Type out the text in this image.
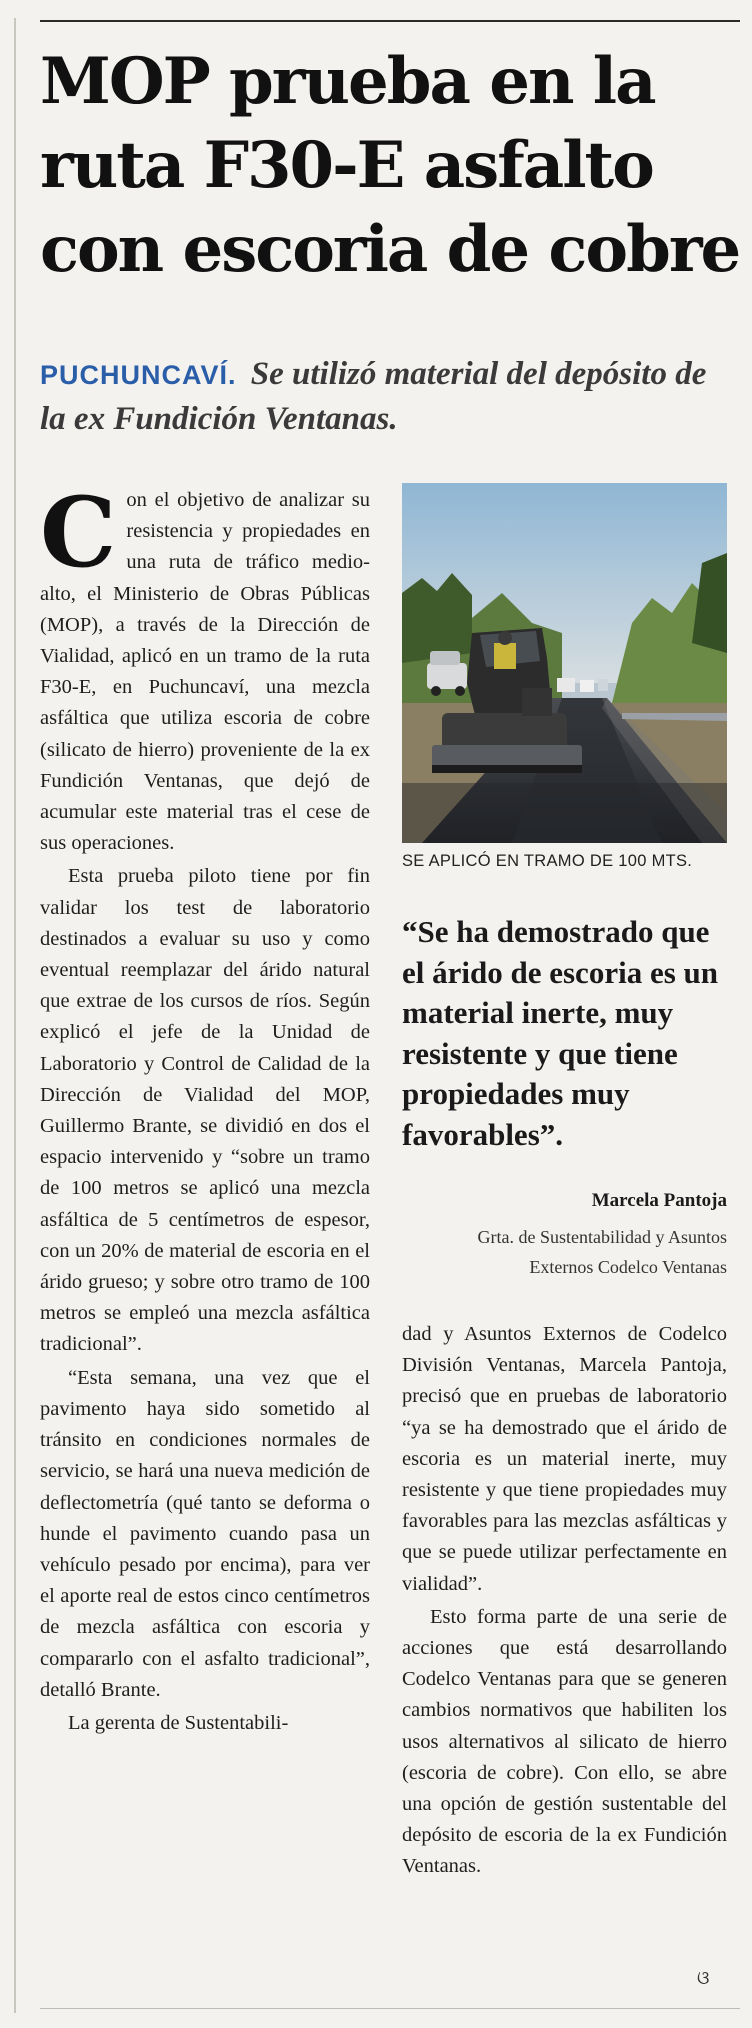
MOP prueba en la
ruta F30-E asfalto
con escoria de cobre

PUCHUNCAVÍ. Se utilizó material del depósito de la ex Fundición Ventanas.

Con el objetivo de analizar su resistencia y propiedades en una ruta de tráfico medio-alto, el Ministerio de Obras Públicas (MOP), a través de la Dirección de Vialidad, aplicó en un tramo de la ruta F30-E, en Puchuncaví, una mezcla asfáltica que utiliza escoria de cobre (silicato de hierro) proveniente de la ex Fundición Ventanas, que dejó de acumular este material tras el cese de sus operaciones.

Esta prueba piloto tiene por fin validar los test de laboratorio destinados a evaluar su uso y como eventual reemplazar del árido natural que extrae de los cursos de ríos. Según explicó el jefe de la Unidad de Laboratorio y Control de Calidad de la Dirección de Vialidad del MOP, Guillermo Brante, se dividió en dos el espacio intervenido y “sobre un tramo de 100 metros se aplicó una mezcla asfáltica de 5 centímetros de espesor, con un 20% de material de escoria en el árido grueso; y sobre otro tramo de 100 metros se empleó una mezcla asfáltica tradicional”.

“Esta semana, una vez que el pavimento haya sido sometido al tránsito en condiciones normales de servicio, se hará una nueva medición de deflectometría (qué tanto se deforma o hunde el pavimento cuando pasa un vehículo pesado por encima), para ver el aporte real de estos cinco centímetros de mezcla asfáltica con escoria y compararlo con el asfalto tradicional”, detalló Brante.

La gerenta de Sustentabili-

SE APLICÓ EN TRAMO DE 100 MTS.

“Se ha demostrado que el árido de escoria es un material inerte, muy resistente y que tiene propiedades muy favorables”.

Marcela Pantoja
Grta. de Sustentabilidad y Asuntos
Externos Codelco Ventanas

dad y Asuntos Externos de Codelco División Ventanas, Marcela Pantoja, precisó que en pruebas de laboratorio “ya se ha demostrado que el árido de escoria es un material inerte, muy resistente y que tiene propiedades muy favorables para las mezclas asfálticas y que se puede utilizar perfectamente en vialidad”.

Esto forma parte de una serie de acciones que está desarrollando Codelco Ventanas para que se generen cambios normativos que habiliten los usos alternativos al silicato de hierro (escoria de cobre). Con ello, se abre una opción de gestión sustentable del depósito de escoria de la ex Fundición Ventanas.

ଓ
